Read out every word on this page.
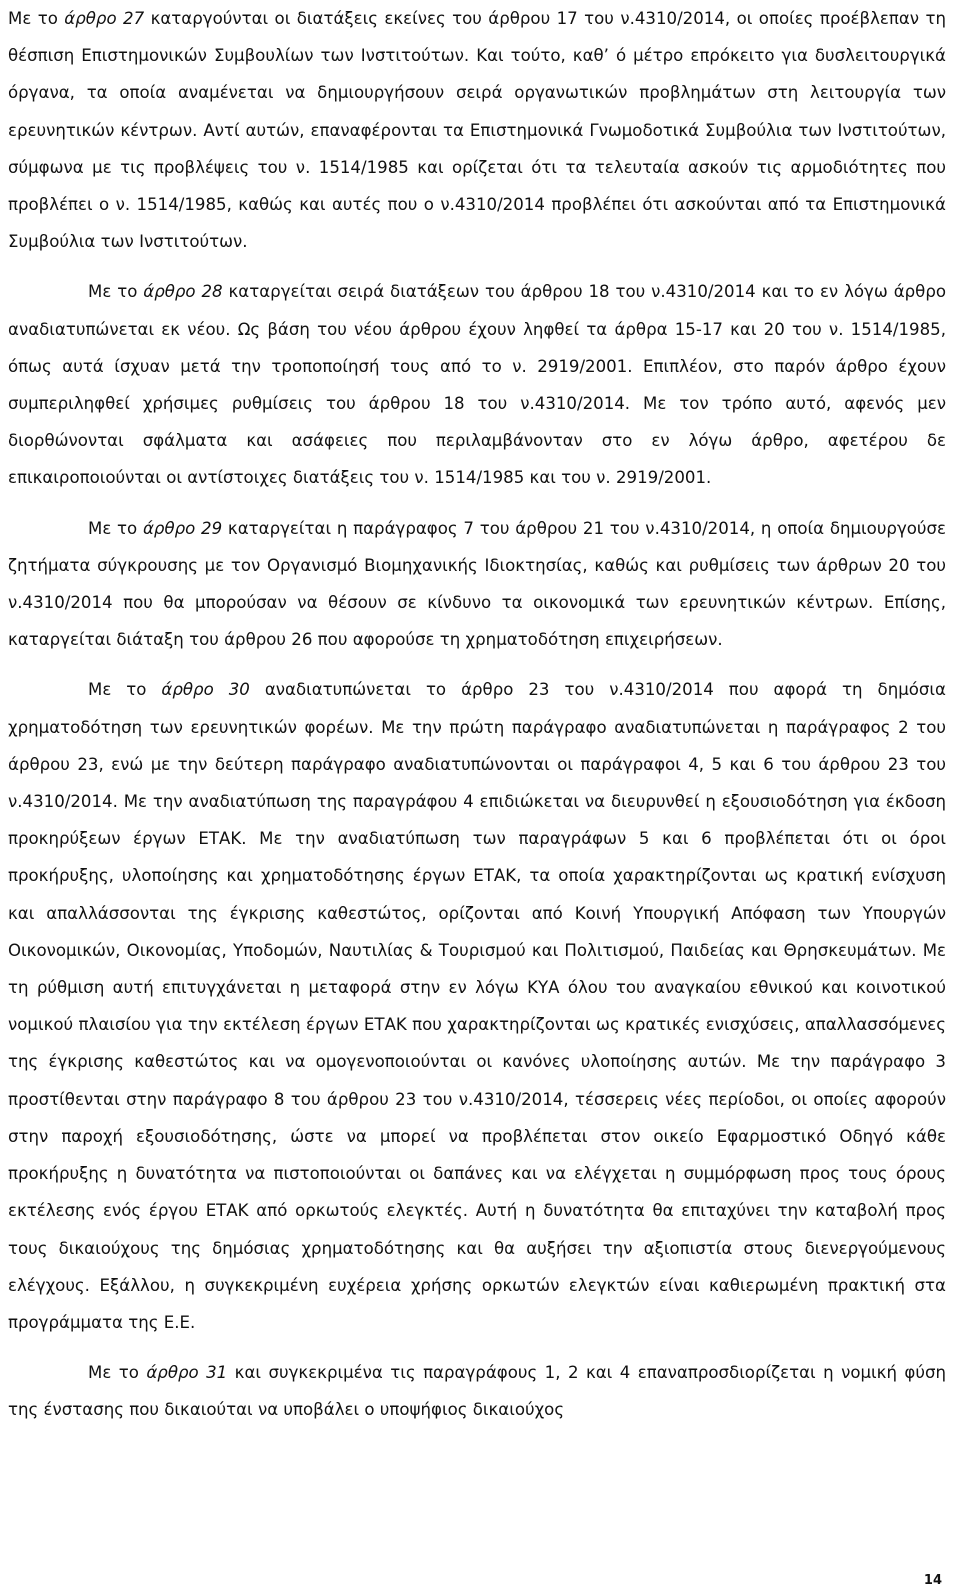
Με το άρθρο 27 καταργούνται οι διατάξεις εκείνες του άρθρου 17 του ν.4310/2014, οι οποίες προέβλεπαν τη θέσπιση Επιστημονικών Συμβουλίων των Ινστιτούτων. Και τούτο, καθ’ ό μέτρο επρόκειτο για δυσλειτουργικά όργανα, τα οποία αναμένεται να δημιουργήσουν σειρά οργανωτικών προβλημάτων στη λειτουργία των ερευνητικών κέντρων. Αντί αυτών, επαναφέρονται τα Επιστημονικά Γνωμοδοτικά Συμβούλια των Ινστιτούτων, σύμφωνα με τις προβλέψεις του ν. 1514/1985 και ορίζεται ότι τα τελευταία ασκούν τις αρμοδιότητες που προβλέπει ο ν. 1514/1985, καθώς και αυτές που ο ν.4310/2014 προβλέπει ότι ασκούνται από τα Επιστημονικά Συμβούλια των Ινστιτούτων.

Με το άρθρο 28 καταργείται σειρά διατάξεων του άρθρου 18 του ν.4310/2014 και το εν λόγω άρθρο αναδιατυπώνεται εκ νέου. Ως βάση του νέου άρθρου έχουν ληφθεί τα άρθρα 15-17 και 20 του ν. 1514/1985, όπως αυτά ίσχυαν μετά την τροποποίησή τους από το ν. 2919/2001. Επιπλέον, στο παρόν άρθρο έχουν συμπεριληφθεί χρήσιμες ρυθμίσεις του άρθρου 18 του ν.4310/2014. Με τον τρόπο αυτό, αφενός μεν διορθώνονται σφάλματα και ασάφειες που περιλαμβάνονταν στο εν λόγω άρθρο, αφετέρου δε επικαιροποιούνται οι αντίστοιχες διατάξεις του ν. 1514/1985 και του ν. 2919/2001.

Με το άρθρο 29 καταργείται η παράγραφος 7 του άρθρου 21 του ν.4310/2014, η οποία δημιουργούσε ζητήματα σύγκρουσης με τον Οργανισμό Βιομηχανικής Ιδιοκτησίας, καθώς και ρυθμίσεις των άρθρων 20 του ν.4310/2014 που θα μπορούσαν να θέσουν σε κίνδυνο τα οικονομικά των ερευνητικών κέντρων. Επίσης, καταργείται διάταξη του άρθρου 26 που αφορούσε τη χρηματοδότηση επιχειρήσεων.

Με το άρθρο 30 αναδιατυπώνεται το άρθρο 23 του ν.4310/2014 που αφορά τη δημόσια χρηματοδότηση των ερευνητικών φορέων. Με την πρώτη παράγραφο αναδιατυπώνεται η παράγραφος 2 του άρθρου 23, ενώ με την δεύτερη παράγραφο αναδιατυπώνονται οι παράγραφοι 4, 5 και 6 του άρθρου 23 του ν.4310/2014. Με την αναδιατύπωση της παραγράφου 4 επιδιώκεται να διευρυνθεί η εξουσιοδότηση για έκδοση προκηρύξεων έργων ΕΤΑΚ. Με την αναδιατύπωση των παραγράφων 5 και 6 προβλέπεται ότι οι όροι προκήρυξης, υλοποίησης και χρηματοδότησης έργων ΕΤΑΚ, τα οποία χαρακτηρίζονται ως κρατική ενίσχυση και απαλλάσσονται της έγκρισης καθεστώτος, ορίζονται από Κοινή Υπουργική Απόφαση των Υπουργών Οικονομικών, Οικονομίας, Υποδομών, Ναυτιλίας & Τουρισμού και Πολιτισμού, Παιδείας και Θρησκευμάτων. Με τη ρύθμιση αυτή επιτυγχάνεται η μεταφορά στην εν λόγω ΚΥΑ όλου του αναγκαίου εθνικού και κοινοτικού νομικού πλαισίου για την εκτέλεση έργων ΕΤΑΚ που χαρακτηρίζονται ως κρατικές ενισχύσεις, απαλλασσόμενες της έγκρισης καθεστώτος και να ομογενοποιούνται οι κανόνες υλοποίησης αυτών. Με την παράγραφο 3 προστίθενται στην παράγραφο 8 του άρθρου 23 του ν.4310/2014, τέσσερεις νέες περίοδοι, οι οποίες αφορούν στην παροχή εξουσιοδότησης, ώστε να μπορεί να προβλέπεται στον οικείο Εφαρμοστικό Οδηγό κάθε προκήρυξης η δυνατότητα να πιστοποιούνται οι δαπάνες και να ελέγχεται η συμμόρφωση προς τους όρους εκτέλεσης ενός έργου ΕΤΑΚ από ορκωτούς ελεγκτές. Αυτή η δυνατότητα θα επιταχύνει την καταβολή προς τους δικαιούχους της δημόσιας χρηματοδότησης και θα αυξήσει την αξιοπιστία στους διενεργούμενους ελέγχους. Εξάλλου, η συγκεκριμένη ευχέρεια χρήσης ορκωτών ελεγκτών είναι καθιερωμένη πρακτική στα προγράμματα της Ε.Ε.

Με το άρθρο 31 και συγκεκριμένα τις παραγράφους 1, 2 και 4 επαναπροσδιορίζεται η νομική φύση της ένστασης που δικαιούται να υποβάλει ο υποψήφιος δικαιούχος

14
